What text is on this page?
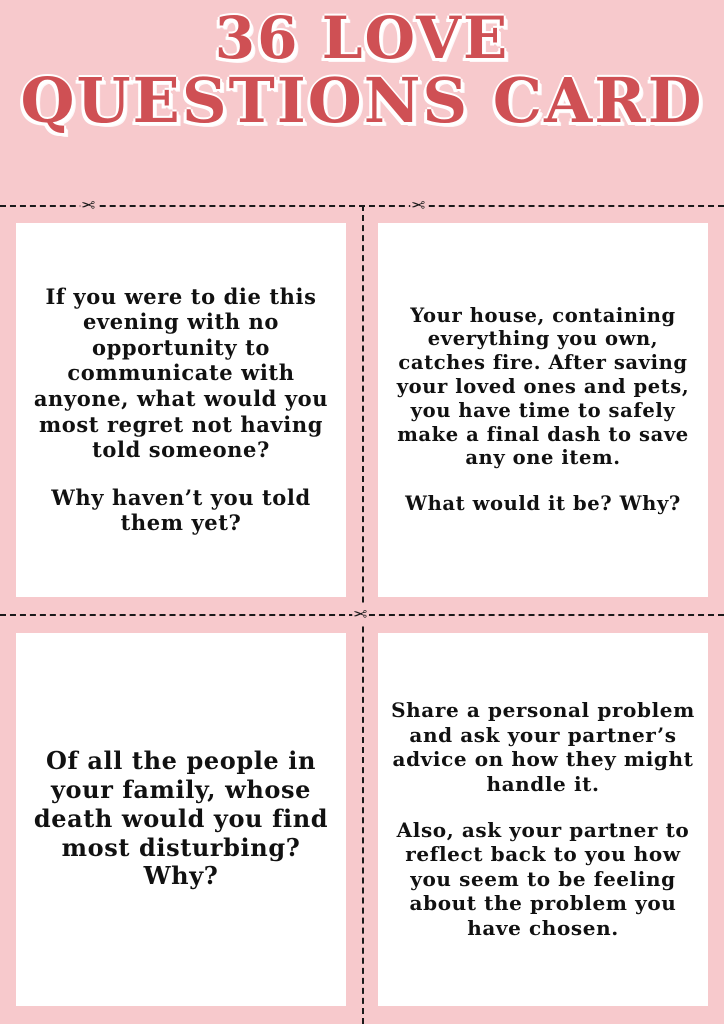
36 LOVE
QUESTIONS CARD
✂	✂
✂

If you were to die this evening with no opportunity to communicate with anyone, what would you most regret not having told someone?

Why haven’t you told them yet?

Your house, containing everything you own, catches fire. After saving your loved ones and pets, you have time to safely make a final dash to save any one item.

What would it be? Why?

Of all the people in your family, whose death would you find most disturbing? Why?

Share a personal problem and ask your partner’s advice on how they might handle it.

Also, ask your partner to reflect back to you how you seem to be feeling about the problem you have chosen.
